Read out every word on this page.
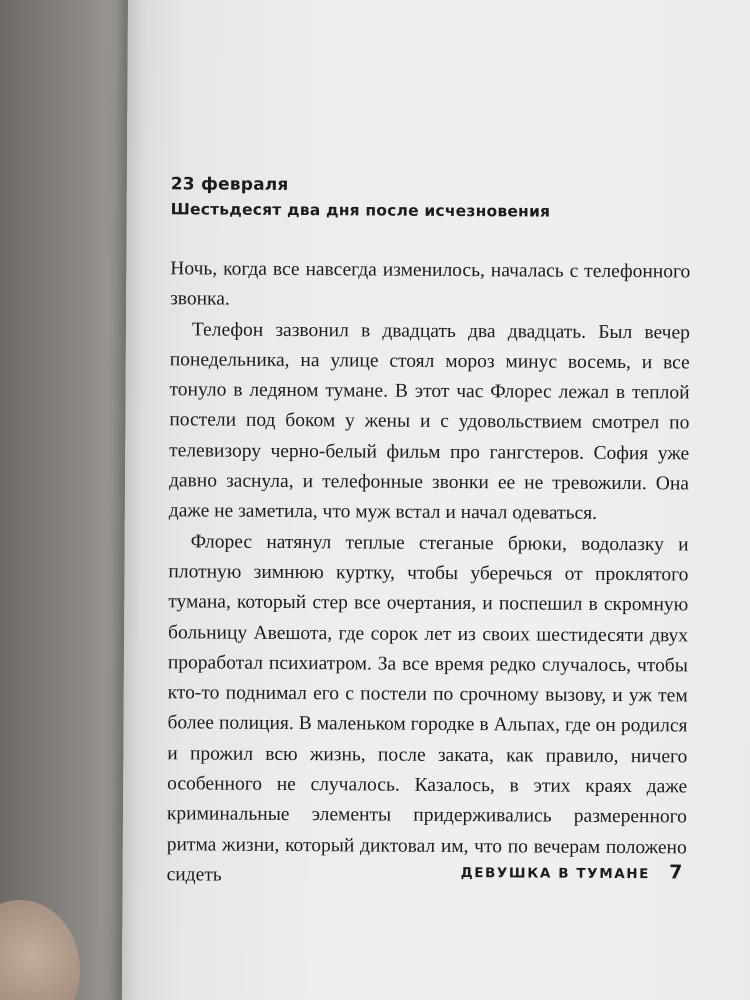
23 февраля

Шестьдесят два дня после исчезновения

Ночь, когда все навсегда изменилось, началась с телефонного звонка.

Телефон зазвонил в двадцать два двадцать. Был вечер понедельника, на улице стоял мороз минус восемь, и все тонуло в ледяном тумане. В этот час Флорес лежал в теплой постели под боком у жены и с удовольствием смотрел по телевизору черно-белый фильм про гангстеров. София уже давно заснула, и телефонные звонки ее не тревожили. Она даже не заметила, что муж встал и начал одеваться.

Флорес натянул теплые стеганые брюки, водолазку и плотную зимнюю куртку, чтобы уберечься от проклятого тумана, который стер все очертания, и поспешил в скромную больницу Авешота, где сорок лет из своих шестидесяти двух проработал психиатром. За все время редко случалось, чтобы кто-то поднимал его с постели по срочному вызову, и уж тем более полиция. В маленьком городке в Альпах, где он родился и прожил всю жизнь, после заката, как правило, ничего особенного не случалось. Казалось, в этих краях даже криминальные элементы придерживались размеренного ритма жизни, который диктовал им, что по вечерам положено сидеть	ДЕВУШКА В ТУМАНЕ 7
